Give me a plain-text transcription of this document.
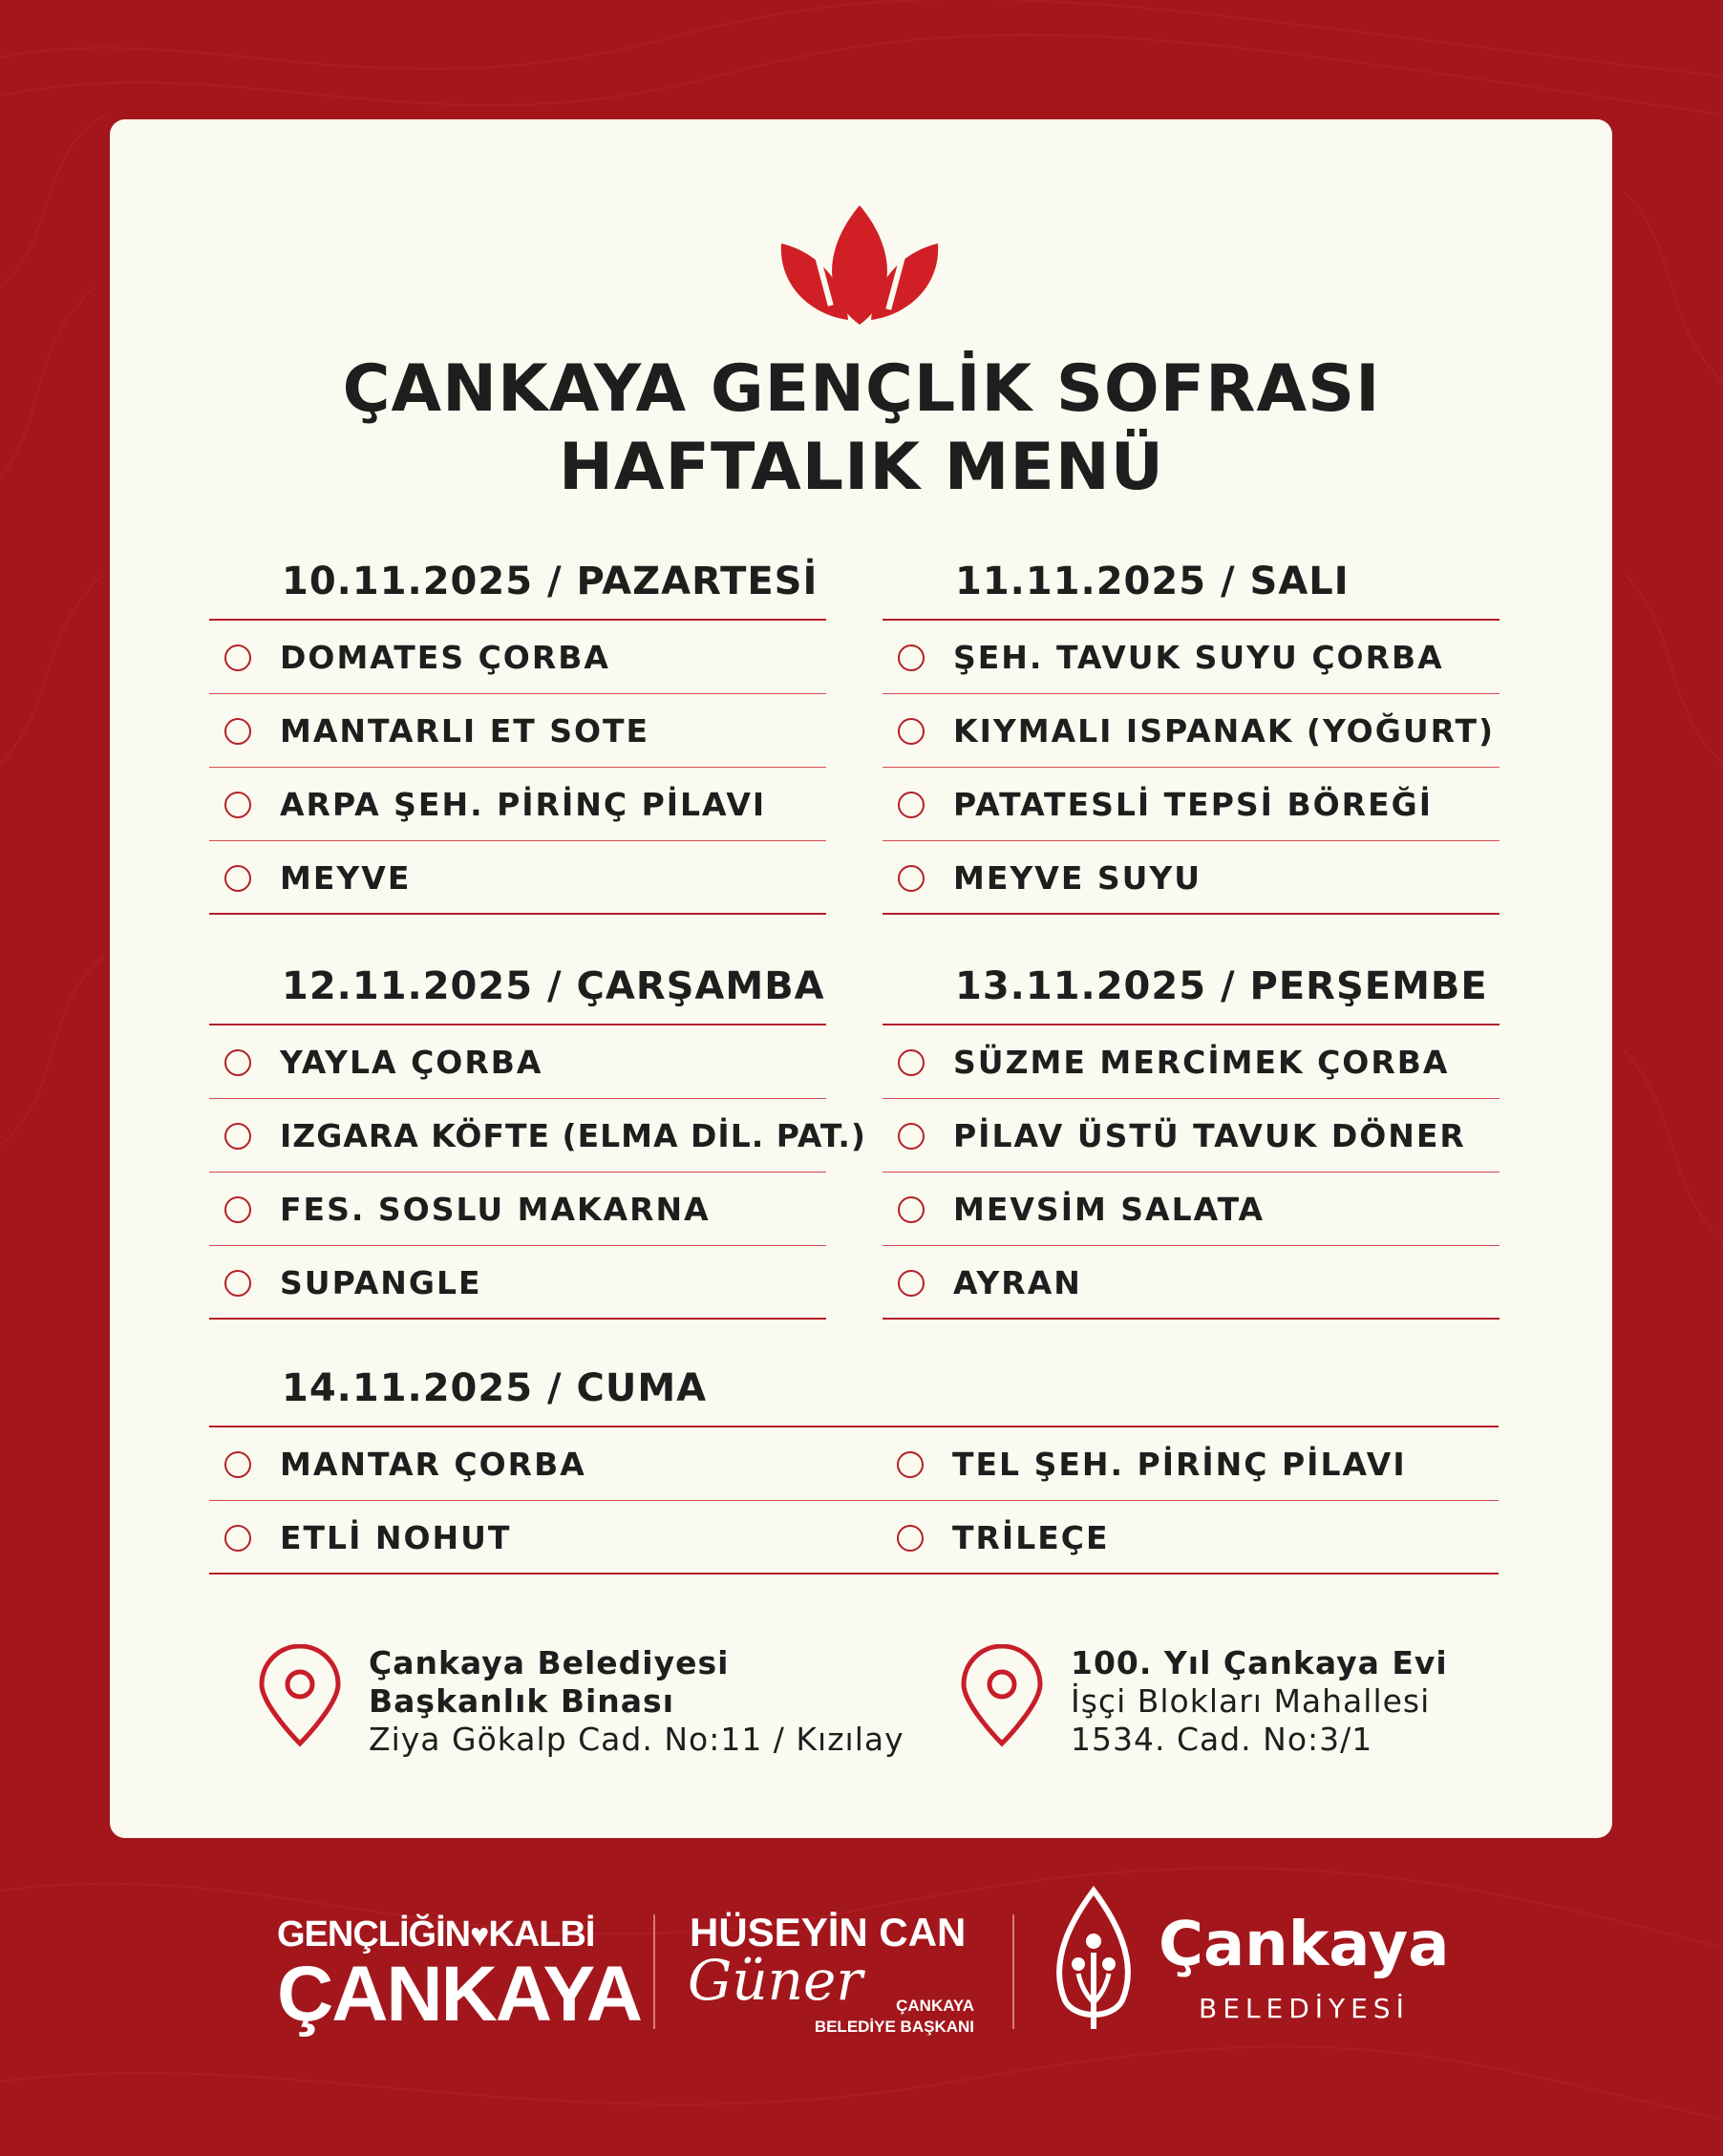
ÇANKAYA GENÇLİK SOFRASI
HAFTALIK MENÜ
10.11.2025 / PAZARTESİ
DOMATES ÇORBA
MANTARLI ET SOTE
ARPA ŞEH. PİRİNÇ PİLAVI
MEYVE
11.11.2025 / SALI
ŞEH. TAVUK SUYU ÇORBA
KIYMALI ISPANAK (YOĞURT)
PATATESLİ TEPSİ BÖREĞİ
MEYVE SUYU
12.11.2025 / ÇARŞAMBA
YAYLA ÇORBA
IZGARA KÖFTE (ELMA DİL. PAT.)
FES. SOSLU MAKARNA
SUPANGLE
13.11.2025 / PERŞEMBE
SÜZME MERCİMEK ÇORBA
PİLAV ÜSTÜ TAVUK DÖNER
MEVSİM SALATA
AYRAN
14.11.2025 / CUMA
MANTAR ÇORBA	TEL ŞEH. PİRİNÇ PİLAVI
ETLİ NOHUT	TRİLEÇE
Çankaya Belediyesi
Başkanlık Binası
Ziya Gökalp Cad. No:11 / Kızılay
100. Yıl Çankaya Evi
İşçi Blokları Mahallesi
1534. Cad. No:3/1
GENÇLİĞİN♥KALBİ
ÇANKAYA
HÜSEYİN CAN
Güner	ÇANKAYA
BELEDİYE BAŞKANI
Çankaya
BELEDİYESİ
